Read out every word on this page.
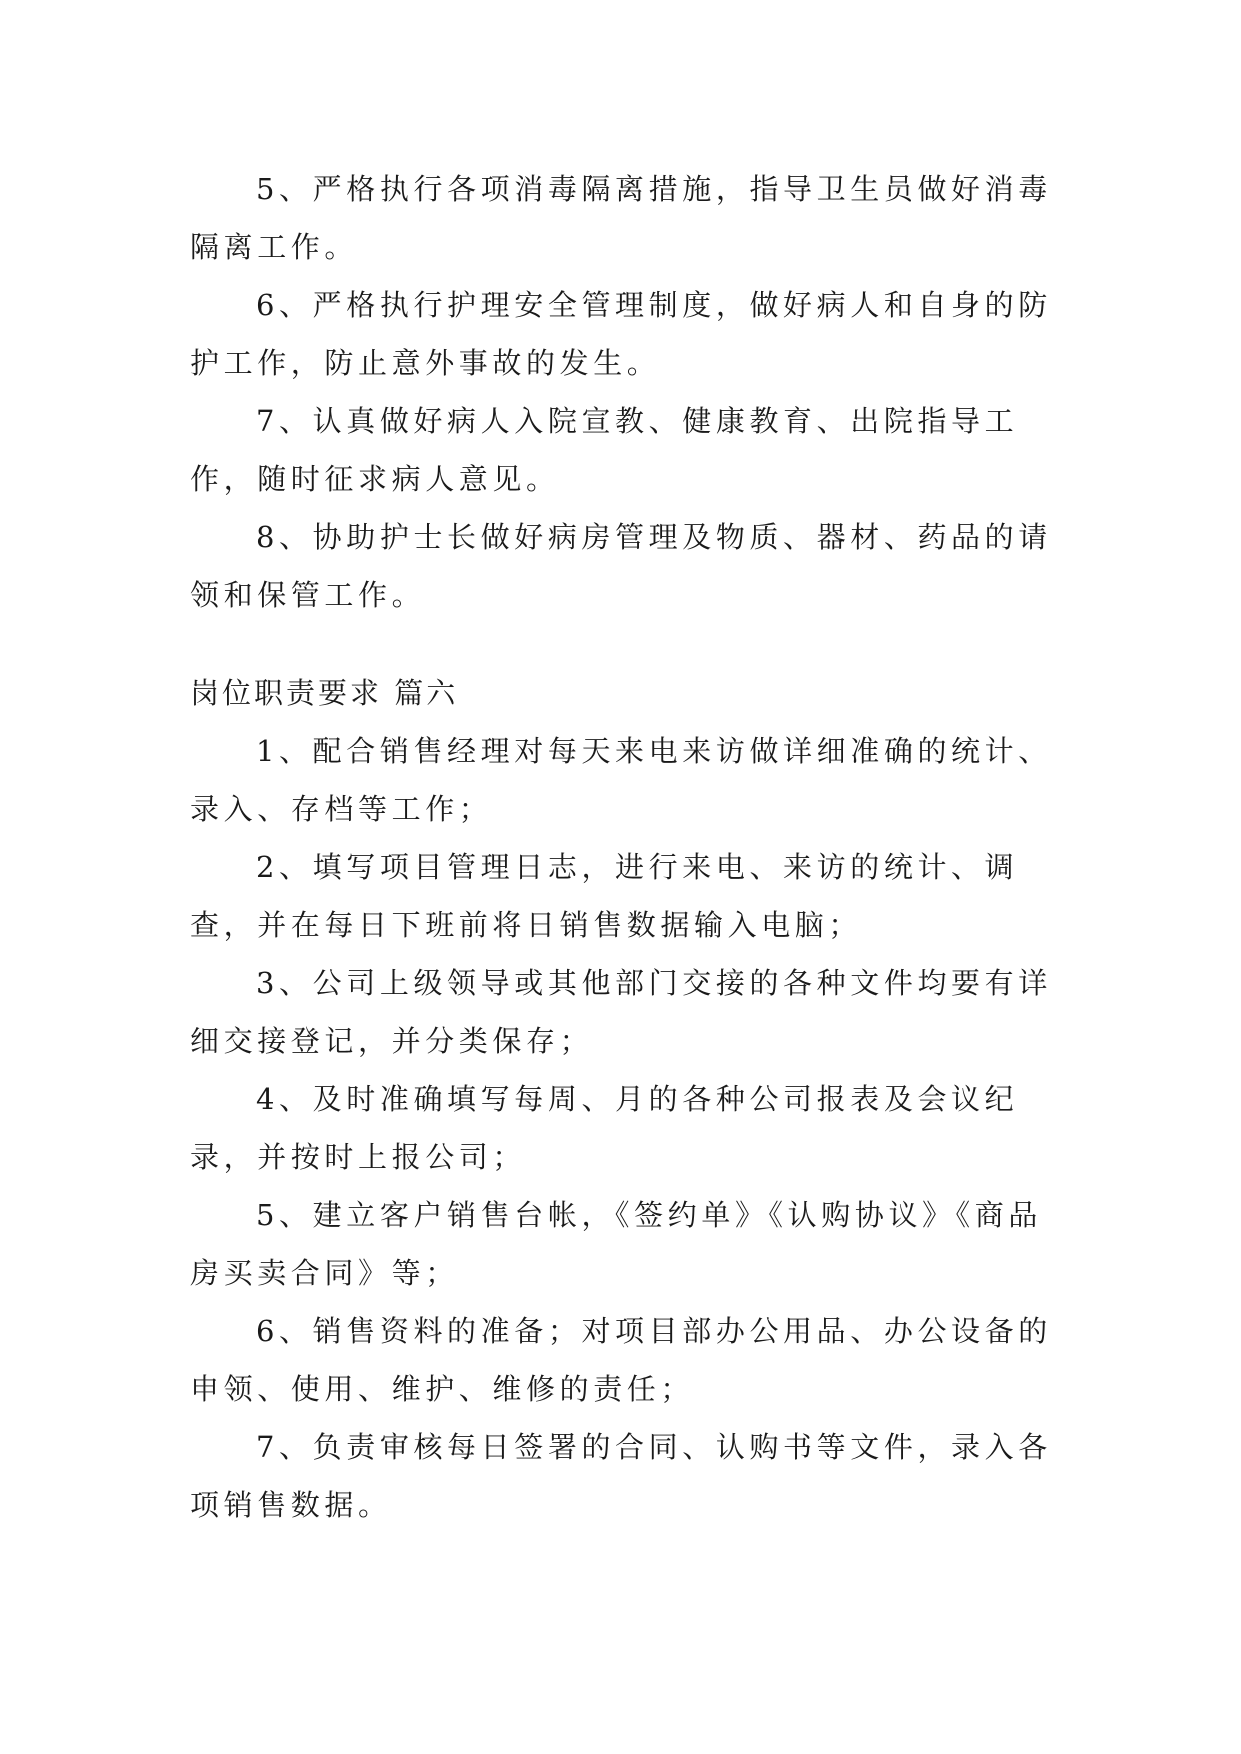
5、严格执行各项消毒隔离措施，指导卫生员做好消毒隔离工作。

6、严格执行护理安全管理制度，做好病人和自身的防护工作，防止意外事故的发生。

7、认真做好病人入院宣教、健康教育、出院指导工作，随时征求病人意见。

8、协助护士长做好病房管理及物质、器材、药品的请领和保管工作。

岗位职责要求 篇六

1、配合销售经理对每天来电来访做详细准确的统计、录入、存档等工作；

2、填写项目管理日志，进行来电、来访的统计、调查，并在每日下班前将日销售数据输入电脑；

3、公司上级领导或其他部门交接的各种文件均要有详细交接登记，并分类保存；

4、及时准确填写每周、月的各种公司报表及会议纪录，并按时上报公司；

5、建立客户销售台帐，《签约单》《认购协议》《商品房买卖合同》等；

6、销售资料的准备；对项目部办公用品、办公设备的申领、使用、维护、维修的责任；

7、负责审核每日签署的合同、认购书等文件，录入各项销售数据。
